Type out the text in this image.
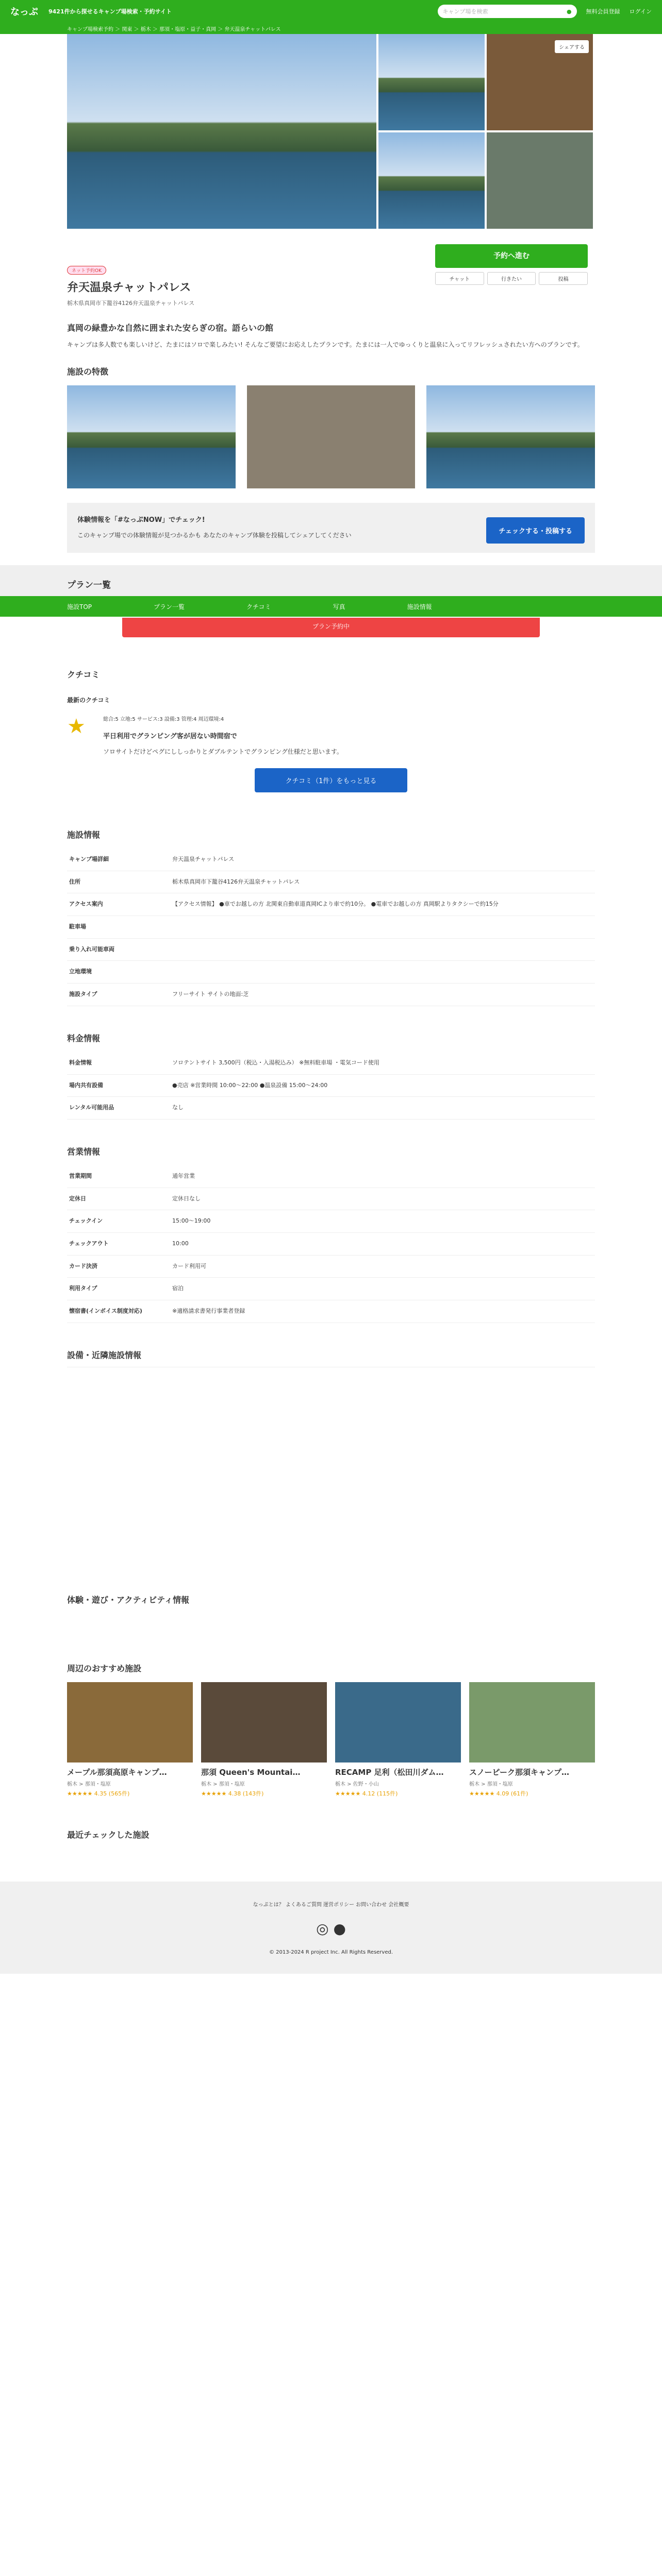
なっぷ 9421件から探せるキャンプ場検索・予約サイト	キャンプ場を検索	●	無料会員登録 ログイン
キャンプ場検索予約 ＞ 関東 ＞ 栃木 ＞ 那須・塩原・益子・真岡 ＞ 弁天温泉チャットパレス
シェアする
ネット予約OK
弁天温泉チャットパレス
栃木県真岡市下籠谷4126弁天温泉チャットパレス
予約へ進む
チャット	行きたい	投稿
真岡の緑豊かな自然に囲まれた安らぎの宿。語らいの館
キャンプは多人数でも楽しいけど、たまにはソロで楽しみたい! そんなご要望にお応えしたプランです。たまには一人でゆっくりと温泉に入ってリフレッシュされたい方へのプランです。
施設の特徴
体験情報を「#なっぷNOW」でチェック!
このキャンプ場での体験情報が見つかるかも あなたのキャンプ体験を投稿してシェアしてください	チェックする・投稿する
プラン一覧
施設TOP	プラン一覧	クチコミ	写真	施設情報
プラン予約中
クチコミ
最新のクチコミ
★	総合:5 立地:5 サービス:3 設備:3 管理:4 周辺環境:4
平日利用でグランピング客が居ない時間宿で
ソロサイトだけどペグにししっかりとダブルテントでグランピング仕様だと思います。
クチコミ（1件）をもっと見る
施設情報
キャンプ場詳細	弁天温泉チャットパレス
住所	栃木県真岡市下籠谷4126弁天温泉チャットパレス
アクセス案内	【アクセス情報】 ●車でお越しの方 北関東自動車道真岡ICより車で約10分。 ●電車でお越しの方 真岡駅よりタクシーで約15分
駐車場	
乗り入れ可能車両	
立地環境	
施設タイプ	フリーサイト サイトの地面:芝
料金情報
料金情報	ソロテントサイト 3,500円（税込・入湯税込み） ※無料駐車場 ・電気コード使用
場内共有設備	●売店 ※営業時間 10:00〜22:00 ●温泉設備 15:00〜24:00
レンタル可能用品	なし
営業情報
営業期間	通年営業
定休日	定休日なし
チェックイン	15:00〜19:00
チェックアウト	10:00
カード決済	カード利用可
利用タイプ	宿泊
懐宿書(インボイス制度対応)	※適格請求書発行事業者登録
設備・近隣施設情報
体験・遊び・アクティビティ情報
周辺のおすすめ施設
メープル那須高原キャンプ…
栃木 > 那須・塩原
★★★★★ 4.35 (565件)
那須 Queen's Mountai…
栃木 > 那須・塩原
★★★★★ 4.38 (143件)
RECAMP 足利（松田川ダム…
栃木 > 佐野・小山
★★★★★ 4.12 (115件)
スノーピーク那須キャンプ…
栃木 > 那須・塩原
★★★★★ 4.09 (61件)
最近チェックした施設
なっぷとは？ よくあるご質問 運営ポリシー お問い合わせ 会社概要
◎ ●
© 2013-2024 R project Inc. All Rights Reserved.
